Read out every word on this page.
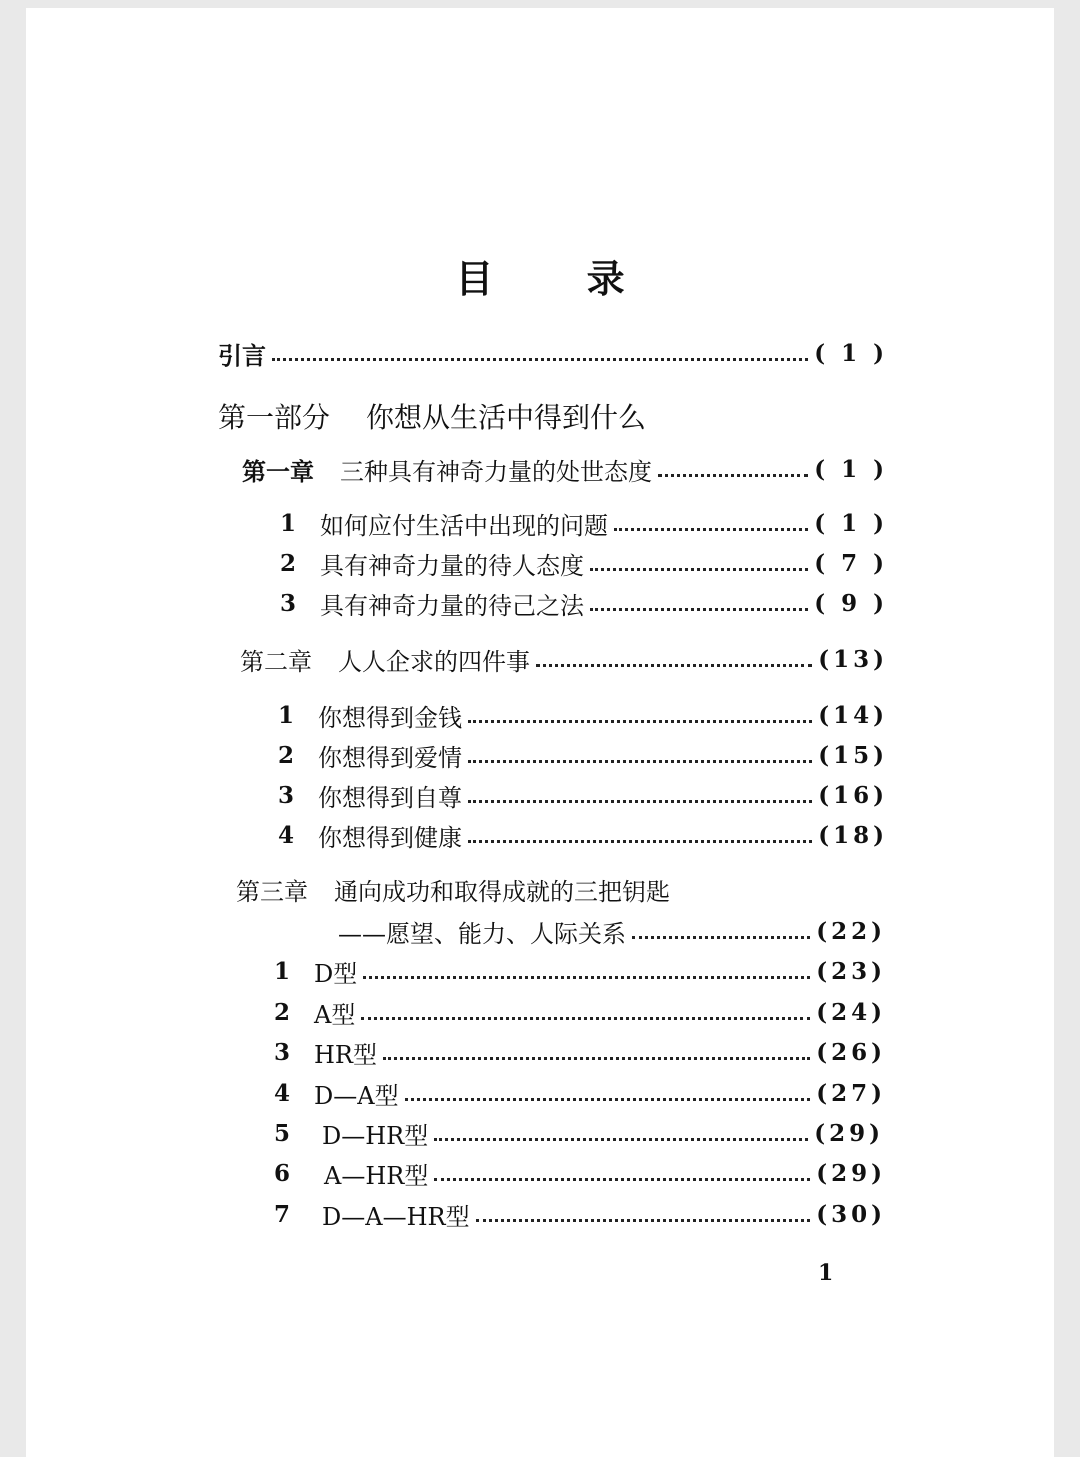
目 录
引言	( 1 )
第一部分 你想从生活中得到什么
第一章 三种具有神奇力量的处世态度	( 1 )
1 如何应付生活中出现的问题	( 1 )
2 具有神奇力量的待人态度	( 7 )
3 具有神奇力量的待己之法	( 9 )
第二章 人人企求的四件事	(13)
1 你想得到金钱	(14)
2 你想得到爱情	(15)
3 你想得到自尊	(16)
4 你想得到健康	(18)
第三章 通向成功和取得成就的三把钥匙
——愿望、能力、人际关系	(22)
1 D型	(23)
2 A型	(24)
3 HR型	(26)
4 D—A型	(27)
5	D—HR型	(29)
6	A—HR型	(29)
7	D—A—HR型	(30)
1
